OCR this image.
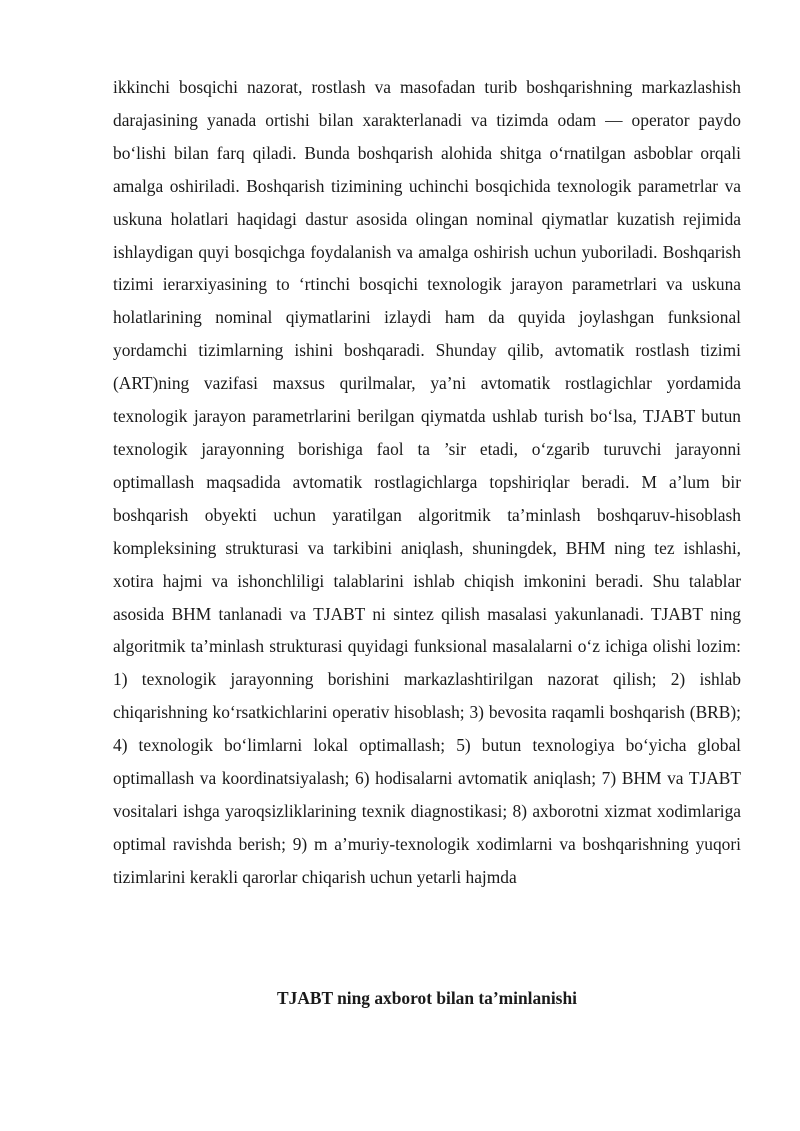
ikkinchi bosqichi nazorat, rostlash va masofadan turib boshqarishning markazlashish darajasining yanada ortishi bilan xarakterlanadi va tizimda odam — operator paydo bo‘lishi bilan farq qiladi. Bunda boshqarish alohida shitga o‘rnatilgan asboblar orqali amalga oshiriladi. Boshqarish tizimining uchinchi bosqichida texnologik parametrlar va uskuna holatlari haqidagi dastur asosida olingan nominal qiymatlar kuzatish rejimida ishlaydigan quyi bosqichga foydalanish va amalga oshirish uchun yuboriladi. Boshqarish tizimi ierarxiyasining to ‘rtinchi bosqichi texnologik jarayon parametrlari va uskuna holatlarining nominal qiymatlarini izlaydi ham da quyida joylashgan funksional yordamchi tizimlarning ishini boshqaradi. Shunday qilib, avtomatik rostlash tizimi (ART)ning vazifasi maxsus qurilmalar, ya’ni avtomatik rostlagichlar yordamida texnologik jarayon parametrlarini berilgan qiymatda ushlab turish bo‘lsa, TJABT butun texnologik jarayonning borishiga faol ta ’sir etadi, o‘zgarib turuvchi jarayonni optimallash maqsadida avtomatik rostlagichlarga topshiriqlar beradi. M a’lum bir boshqarish obyekti uchun yaratilgan algoritmik ta’minlash boshqaruv-hisoblash kompleksining strukturasi va tarkibini aniqlash, shuningdek, BHM ning tez ishlashi, xotira hajmi va ishonchliligi talablarini ishlab chiqish imkonini beradi. Shu talablar asosida BHM tanlanadi va TJABT ni sintez qilish masalasi yakunlanadi. TJABT ning algoritmik ta’minlash strukturasi quyidagi funksional masalalarni o‘z ichiga olishi lozim: 1) texnologik jarayonning borishini markazlashtirilgan nazorat qilish; 2) ishlab chiqarishning ko‘rsatkichlarini operativ hisoblash; 3) bevosita raqamli boshqarish (BRB); 4) texnologik bo‘limlarni lokal optimallash; 5) butun texnologiya bo‘yicha global optimallash va koordinatsiyalash; 6) hodisalarni avtomatik aniqlash; 7) BHM va TJABT vositalari ishga yaroqsizliklarining texnik diagnostikasi; 8) axborotni xizmat xodimlariga optimal ravishda berish; 9) m a’muriy-texnologik xodimlarni va boshqarishning yuqori tizimlarini kerakli qarorlar chiqarish uchun yetarli hajmda

TJABT ning axborot bilan ta’minlanishi
